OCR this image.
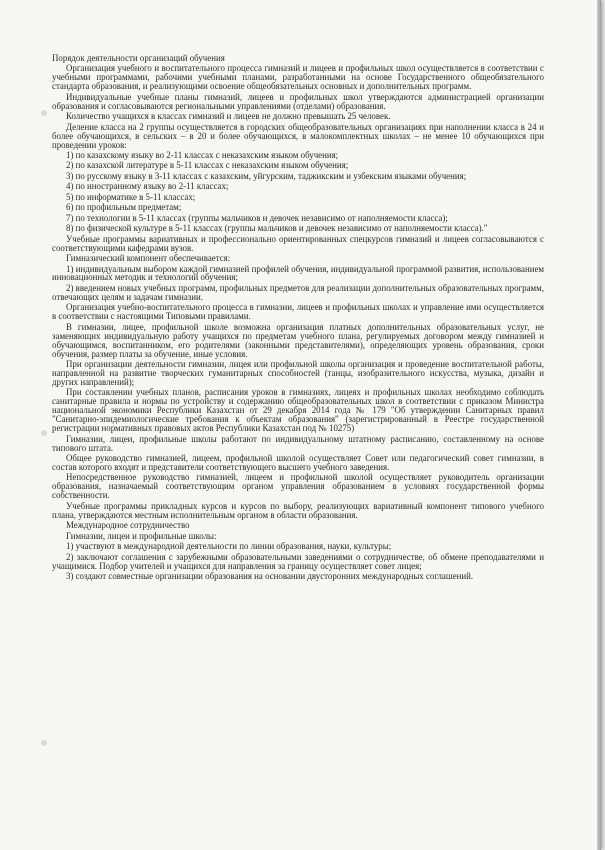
Порядок деятельности организаций обучения

Организация учебного и воспитательного процесса гимназий и лицеев и профильных школ осуществляется в соответствии с учебными программами, рабочими учебными планами, разработанными на основе Государственного общеобязательного стандарта образования, и реализующими освоение общеобязательных основных и дополнительных программ.

Индивидуальные учебные планы гимназий, лицеев и профильных школ утверждаются администрацией организации образования и согласовываются региональными управлениями (отделами) образования.

Количество учащихся в классах гимназий и лицеев не должно превышать 25 человек.

Деление класса на 2 группы осуществляется в городских общеобразовательных организациях при наполнении класса в 24 и более обучающихся, в сельских – в 20 и более обучающихся, в малокомплектных школах – не менее 10 обучающихся при проведении уроков:

1) по казахскому языку во 2-11 классах с неказахским языком обучения;

2) по казахской литературе в 5-11 классах с неказахским языком обучения;

3) по русскому языку в 3-11 классах с казахским, уйгурским, таджикским и узбекским языками обучения;

4) по иностранному языку во 2-11 классах;

5) по информатике в 5-11 классах;

6) по профильным предметам;

7) по технологии в 5-11 классах (группы мальчиков и девочек независимо от наполняемости класса);

8) по физической культуре в 5-11 классах (группы мальчиков и девочек независимо от наполняемости класса)."

Учебные программы вариативных и профессионально ориентированных спецкурсов гимназий и лицеев согласовываются с соответствующими кафедрами вузов.

Гимназический компонент обеспечивается:

1) индивидуальным выбором каждой гимназией профилей обучения, индивидуальной программой развития, использованием инновационных методик и технологий обучения;

2) введением новых учебных программ, профильных предметов для реализации дополнительных образовательных программ, отвечающих целям и задачам гимназии.

Организация учебно-воспитательного процесса в гимназии, лицеев и профильных школах и управление ими осуществляется в соответствии с настоящими Типовыми правилами.

В гимназии, лицее, профильной школе возможна организация платных дополнительных образовательных услуг, не заменяющих индивидуальную работу учащихся по предметам учебного плана, регулируемых договором между гимназией и обучающимся, воспитанником, его родителями (законными представителями), определяющих уровень образования, сроки обучения, размер платы за обучение, иные условия.

При организации деятельности гимназии, лицея или профильной школы организация и проведение воспитательной работы, направленной на развитие творческих гуманитарных способностей (танцы, изобразительного искусства, музыка, дизайн и других направлений);

При составлении учебных планов, расписания уроков в гимназиях, лицеях и профильных школах необходимо соблюдать санитарные правила и нормы по устройству и содержанию общеобразовательных школ в соответствии с приказом Министра национальной экономики Республики Казахстан от 29 декабря 2014 года № 179 "Об утверждении Санитарных правил "Санитарно-эпидемиологические требования к объектам образования" (зарегистрированный в Реестре государственной регистрации нормативных правовых актов Республики Казахстан под № 10275)

Гимназии, лицеи, профильные школы работают по индивидуальному штатному расписанию, составленному на основе типового штата.

Общее руководство гимназией, лицеем, профильной школой осуществляет Совет или педагогический совет гимназии, в состав которого входят и представители соответствующего высшего учебного заведения.

Непосредственное руководство гимназией, лицеем и профильной школой осуществляет руководитель организации образования, назначаемый соответствующим органом управления образованием в условиях государственной формы собственности.

Учебные программы прикладных курсов и курсов по выбору, реализующих вариативный компонент типового учебного плана, утверждаются местным исполнительным органом в области образования.

Международное сотрудничество

Гимназии, лицеи и профильные школы:

1) участвуют в международной деятельности по линии образования, науки, культуры;

2) заключают соглашения с зарубежными образовательными заведениями о сотрудничестве, об обмене преподавателями и учащимися. Подбор учителей и учащихся для направления за границу осуществляет совет лицея;

3) создают совместные организации образования на основании двусторонних международных соглашений.
